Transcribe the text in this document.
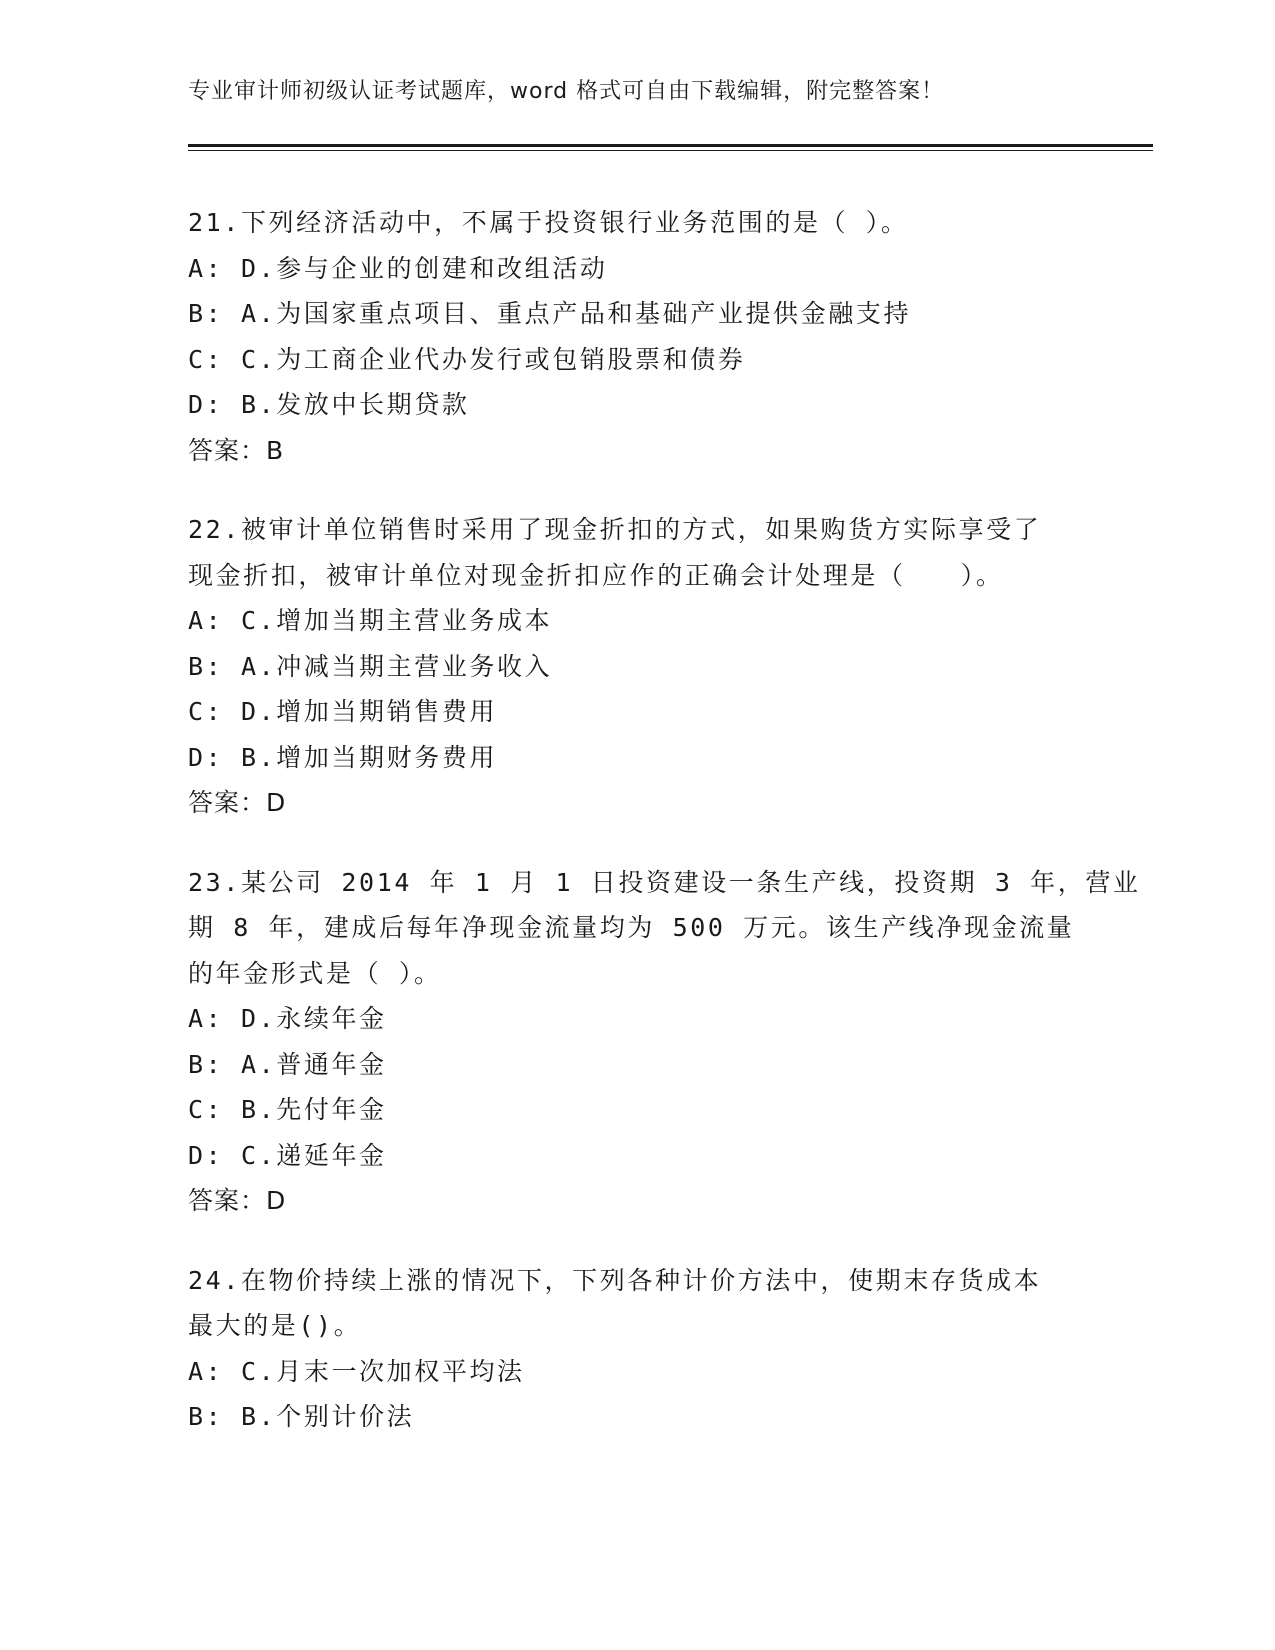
专业审计师初级认证考试题库，word 格式可自由下载编辑，附完整答案！
21.下列经济活动中，不属于投资银行业务范围的是（ ）。
A: D.参与企业的创建和改组活动
B: A.为国家重点项目、重点产品和基础产业提供金融支持
C: C.为工商企业代办发行或包销股票和债券
D: B.发放中长期贷款
答案：B
22.被审计单位销售时采用了现金折扣的方式，如果购货方实际享受了
现金折扣，被审计单位对现金折扣应作的正确会计处理是（　　）。
A: C.增加当期主营业务成本
B: A.冲减当期主营业务收入
C: D.增加当期销售费用
D: B.增加当期财务费用
答案：D
23.某公司 2014 年 1 月 1 日投资建设一条生产线，投资期 3 年，营业
期 8 年，建成后每年净现金流量均为 500 万元。该生产线净现金流量
的年金形式是（ ）。
A: D.永续年金
B: A.普通年金
C: B.先付年金
D: C.递延年金
答案：D
24.在物价持续上涨的情况下，下列各种计价方法中，使期末存货成本
最大的是()。
A: C.月末一次加权平均法
B: B.个别计价法
